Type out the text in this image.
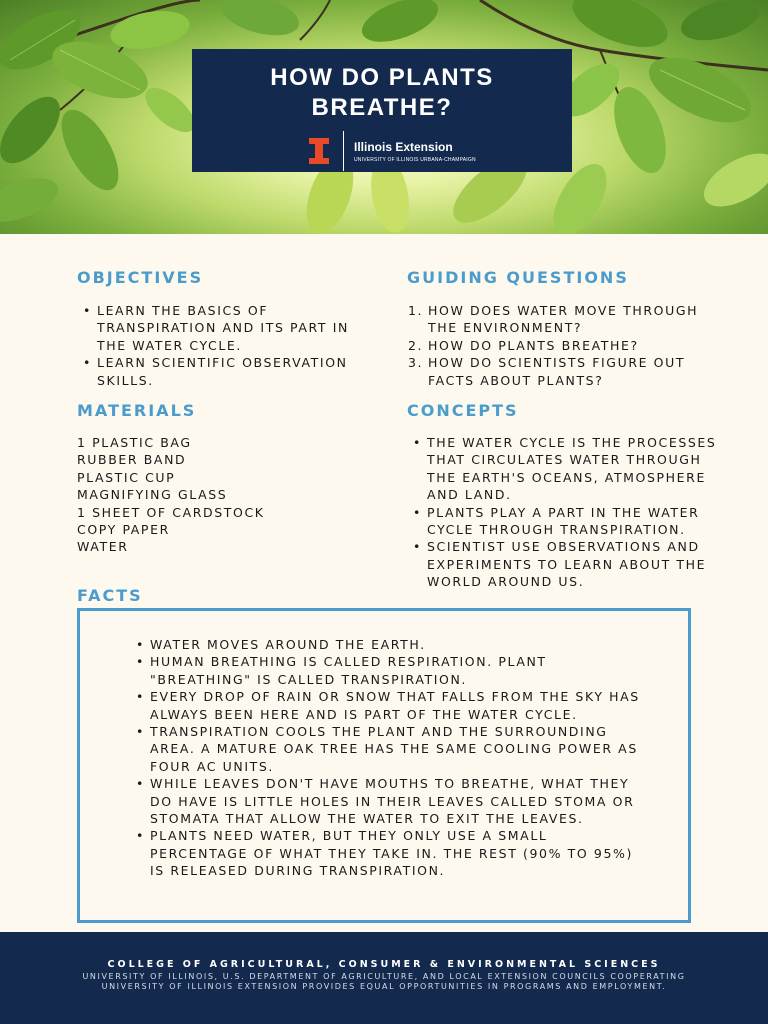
HOW DO PLANTS
BREATHE?
Illinois Extension
UNIVERSITY OF ILLINOIS URBANA-CHAMPAIGN
OBJECTIVES
• LEARN THE BASICS OF TRANSPIRATION AND ITS PART IN THE WATER CYCLE.
• LEARN SCIENTIFIC OBSERVATION SKILLS.
GUIDING QUESTIONS
1. HOW DOES WATER MOVE THROUGH THE ENVIRONMENT?
2. HOW DO PLANTS BREATHE?
3. HOW DO SCIENTISTS FIGURE OUT FACTS ABOUT PLANTS?
MATERIALS
1 PLASTIC BAG
RUBBER BAND
PLASTIC CUP
MAGNIFYING GLASS
1 SHEET OF CARDSTOCK
COPY PAPER
WATER
CONCEPTS
• THE WATER CYCLE IS THE PROCESSES THAT CIRCULATES WATER THROUGH THE EARTH'S OCEANS, ATMOSPHERE AND LAND.
• PLANTS PLAY A PART IN THE WATER CYCLE THROUGH TRANSPIRATION.
• SCIENTIST USE OBSERVATIONS AND EXPERIMENTS TO LEARN ABOUT THE WORLD AROUND US.
FACTS
• WATER MOVES AROUND THE EARTH.
• HUMAN BREATHING IS CALLED RESPIRATION. PLANT "BREATHING" IS CALLED TRANSPIRATION.
• EVERY DROP OF RAIN OR SNOW THAT FALLS FROM THE SKY HAS ALWAYS BEEN HERE AND IS PART OF THE WATER CYCLE.
• TRANSPIRATION COOLS THE PLANT AND THE SURROUNDING AREA. A MATURE OAK TREE HAS THE SAME COOLING POWER AS FOUR AC UNITS.
• WHILE LEAVES DON'T HAVE MOUTHS TO BREATHE, WHAT THEY DO HAVE IS LITTLE HOLES IN THEIR LEAVES CALLED STOMA OR STOMATA THAT ALLOW THE WATER TO EXIT THE LEAVES.
• PLANTS NEED WATER, BUT THEY ONLY USE A SMALL PERCENTAGE OF WHAT THEY TAKE IN. THE REST (90% TO 95%) IS RELEASED DURING TRANSPIRATION.
COLLEGE OF AGRICULTURAL, CONSUMER & ENVIRONMENTAL SCIENCES
UNIVERSITY OF ILLINOIS, U.S. DEPARTMENT OF AGRICULTURE, AND LOCAL EXTENSION COUNCILS COOPERATING
UNIVERSITY OF ILLINOIS EXTENSION PROVIDES EQUAL OPPORTUNITIES IN PROGRAMS AND EMPLOYMENT.
